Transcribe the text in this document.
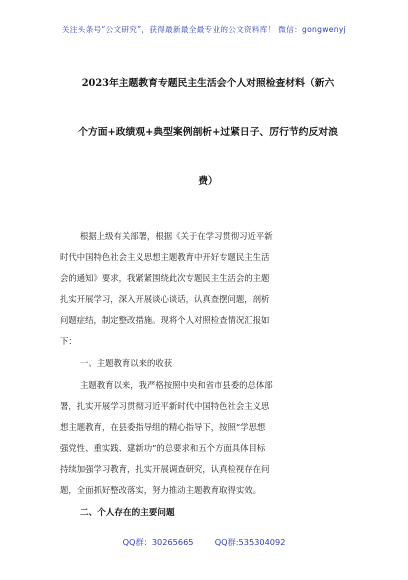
关注头条号“公文研究”，获得最新最全最专业的公文资料库！ 微信：gongwenyj
2023年主题教育专题民主生活会个人对照检查材料（新六
个方面+政绩观+典型案例剖析+过紧日子、厉行节约反对浪
费）
根据上级有关部署，根据《关于在学习贯彻习近平新
时代中国特色社会主义思想主题教育中开好专题民主生活
会的通知》要求，我紧紧围绕此次专题民主生活会的主题
扎实开展学习，深入开展谈心谈话，认真查摆问题，剖析
问题症结，制定整改措施。现将个人对照检查情况汇报如
下：
一、主题教育以来的收获
主题教育以来，我严格按照中央和省市县委的总体部
署，扎实开展学习贯彻习近平新时代中国特色社会主义思
想主题教育，在县委指导组的精心指导下，按照“学思想
强党性、重实践、建新功”的总要求和五个方面具体目标
持续加强学习教育，扎实开展调查研究，认真检视存在问
题，全面抓好整改落实，努力推动主题教育取得实效。
二、个人存在的主要问题
QQ群：30265665	QQ群:535304092
